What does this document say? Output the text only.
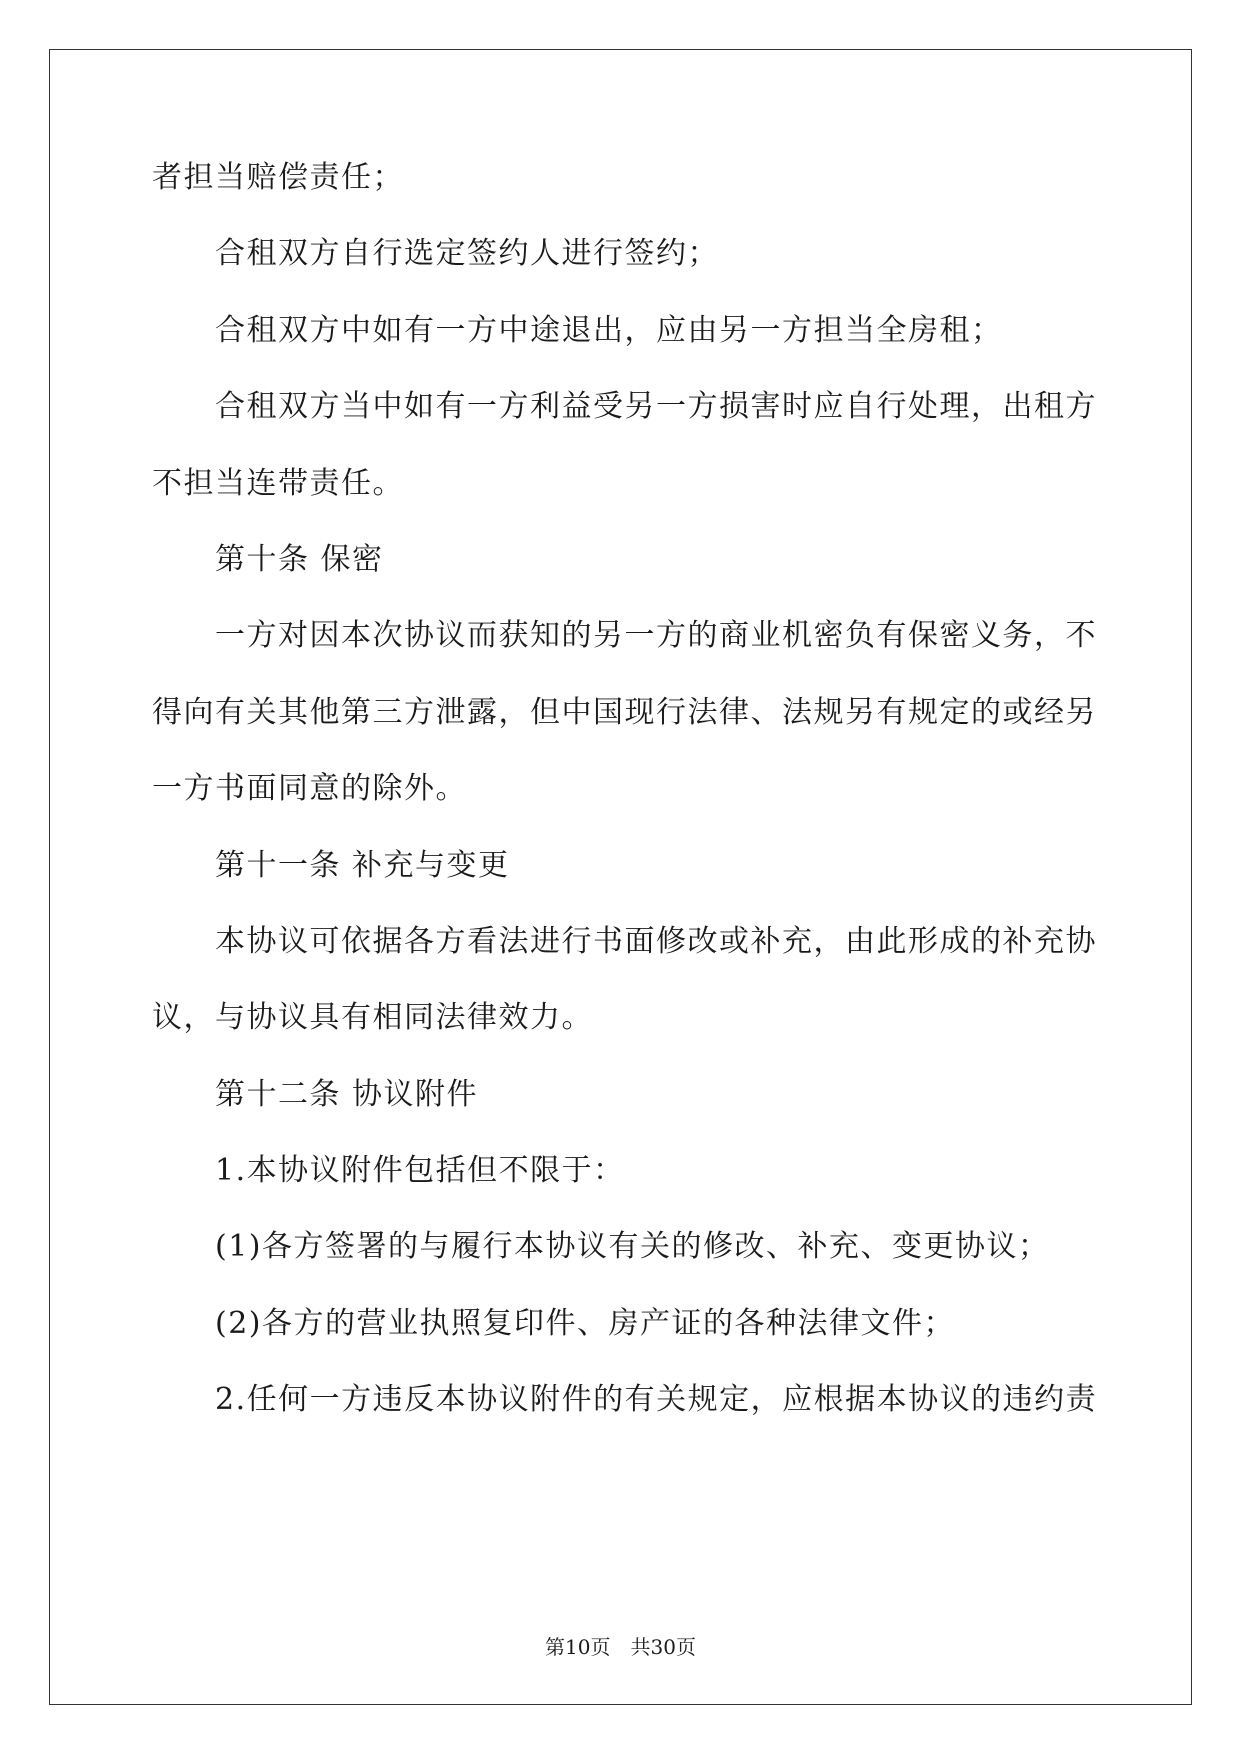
者担当赔偿责任；
合租双方自行选定签约人进行签约；
合租双方中如有一方中途退出，应由另一方担当全房租；
合租双方当中如有一方利益受另一方损害时应自行处理，出租方
不担当连带责任。
第十条 保密
一方对因本次协议而获知的另一方的商业机密负有保密义务，不
得向有关其他第三方泄露，但中国现行法律、法规另有规定的或经另
一方书面同意的除外。
第十一条 补充与变更
本协议可依据各方看法进行书面修改或补充，由此形成的补充协
议，与协议具有相同法律效力。
第十二条 协议附件
1.本协议附件包括但不限于：
(1)各方签署的与履行本协议有关的修改、补充、变更协议；
(2)各方的营业执照复印件、房产证的各种法律文件；
2.任何一方违反本协议附件的有关规定，应根据本协议的违约责
第10页 共30页
